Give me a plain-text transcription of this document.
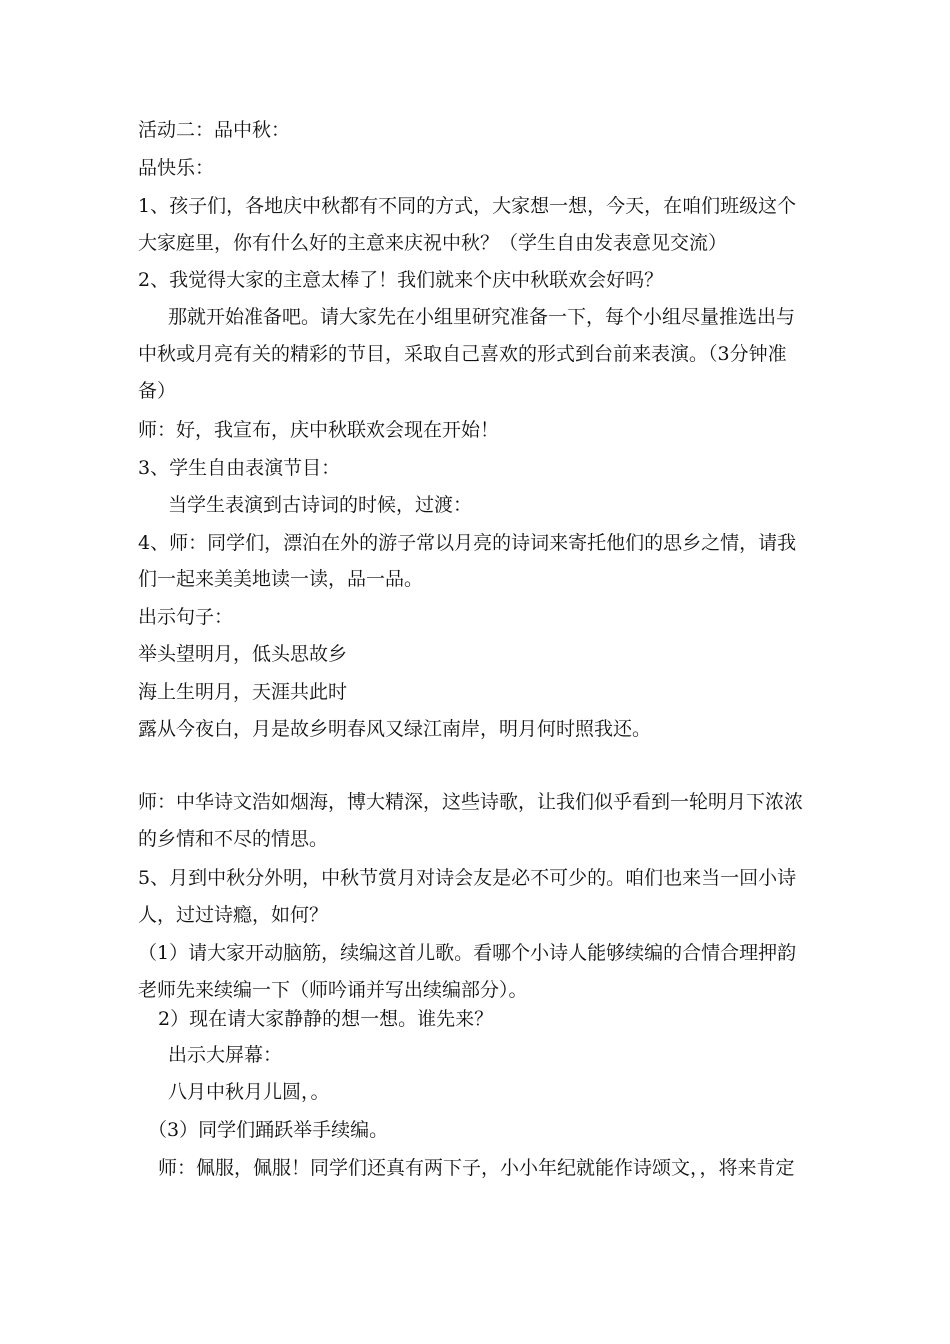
活动二：品中秋：
品快乐：
1、孩子们，各地庆中秋都有不同的方式，大家想一想，今天，在咱们班级这个
大家庭里，你有什么好的主意来庆祝中秋？（学生自由发表意见交流）
2、我觉得大家的主意太棒了！我们就来个庆中秋联欢会好吗？
那就开始准备吧。请大家先在小组里研究准备一下，每个小组尽量推选出与
中秋或月亮有关的精彩的节目，采取自己喜欢的形式到台前来表演。（3分钟准
备）
师：好，我宣布，庆中秋联欢会现在开始！
3、学生自由表演节目：
当学生表演到古诗词的时候，过渡：
4、师：同学们，漂泊在外的游子常以月亮的诗词来寄托他们的思乡之情，请我
们一起来美美地读一读，品一品。
出示句子：
举头望明月，低头思故乡
海上生明月，天涯共此时
露从今夜白，月是故乡明春风又绿江南岸，明月何时照我还。
师：中华诗文浩如烟海，博大精深，这些诗歌，让我们似乎看到一轮明月下浓浓
的乡情和不尽的情思。
5、月到中秋分外明，中秋节赏月对诗会友是必不可少的。咱们也来当一回小诗
人，过过诗瘾，如何？
（1）请大家开动脑筋，续编这首儿歌。看哪个小诗人能够续编的合情合理押韵
老师先来续编一下（师吟诵并写出续编部分）。
2）现在请大家静静的想一想。谁先来？
出示大屏幕：
八月中秋月儿圆，。
（3）同学们踊跃举手续编。
师：佩服，佩服！同学们还真有两下子，小小年纪就能作诗颂文，，将来肯定
